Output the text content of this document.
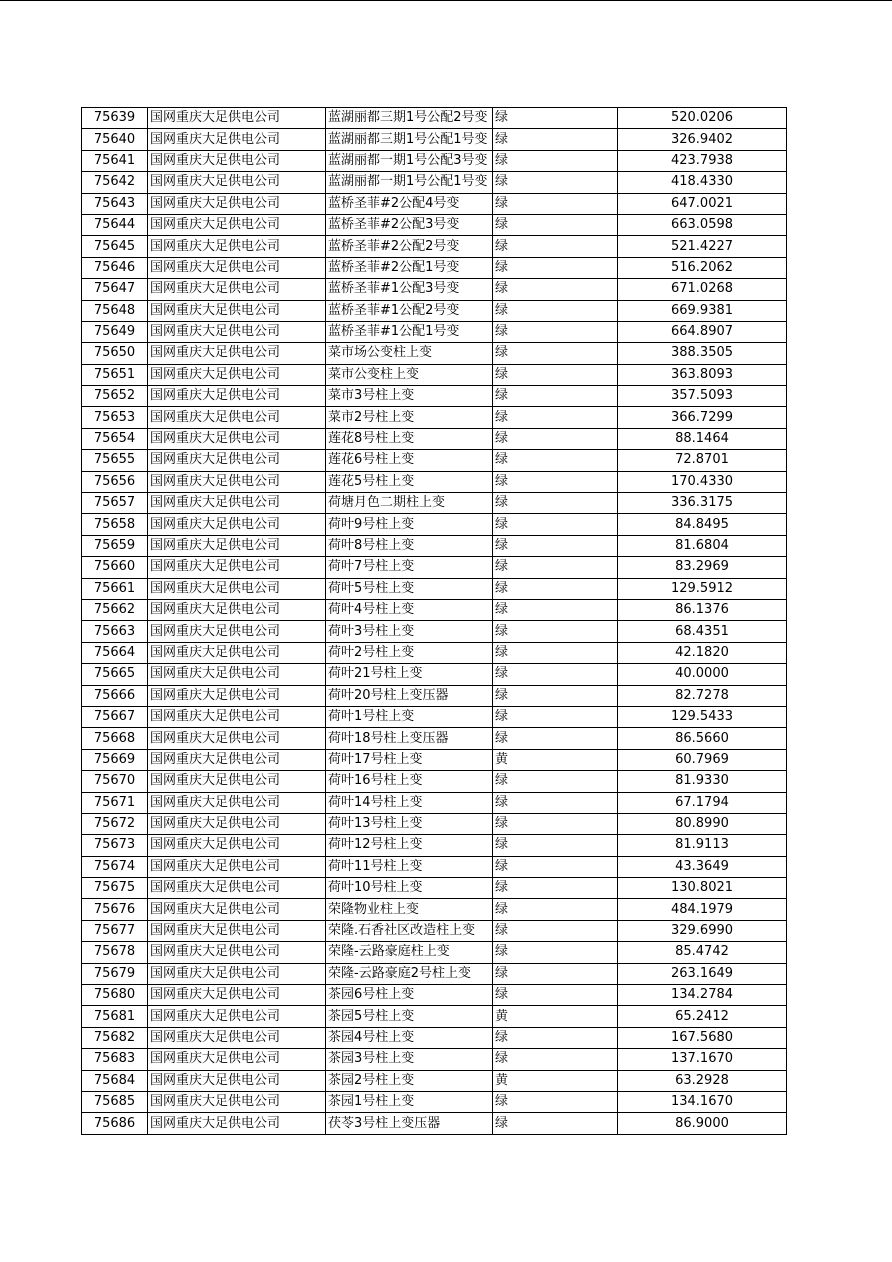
75639	国网重庆大足供电公司	蓝湖丽都三期1号公配2号变	绿	520.0206
75640	国网重庆大足供电公司	蓝湖丽都三期1号公配1号变	绿	326.9402
75641	国网重庆大足供电公司	蓝湖丽都一期1号公配3号变	绿	423.7938
75642	国网重庆大足供电公司	蓝湖丽都一期1号公配1号变	绿	418.4330
75643	国网重庆大足供电公司	蓝桥圣菲#2公配4号变	绿	647.0021
75644	国网重庆大足供电公司	蓝桥圣菲#2公配3号变	绿	663.0598
75645	国网重庆大足供电公司	蓝桥圣菲#2公配2号变	绿	521.4227
75646	国网重庆大足供电公司	蓝桥圣菲#2公配1号变	绿	516.2062
75647	国网重庆大足供电公司	蓝桥圣菲#1公配3号变	绿	671.0268
75648	国网重庆大足供电公司	蓝桥圣菲#1公配2号变	绿	669.9381
75649	国网重庆大足供电公司	蓝桥圣菲#1公配1号变	绿	664.8907
75650	国网重庆大足供电公司	菜市场公变柱上变	绿	388.3505
75651	国网重庆大足供电公司	菜市公变柱上变	绿	363.8093
75652	国网重庆大足供电公司	菜市3号柱上变	绿	357.5093
75653	国网重庆大足供电公司	菜市2号柱上变	绿	366.7299
75654	国网重庆大足供电公司	莲花8号柱上变	绿	88.1464
75655	国网重庆大足供电公司	莲花6号柱上变	绿	72.8701
75656	国网重庆大足供电公司	莲花5号柱上变	绿	170.4330
75657	国网重庆大足供电公司	荷塘月色二期柱上变	绿	336.3175
75658	国网重庆大足供电公司	荷叶9号柱上变	绿	84.8495
75659	国网重庆大足供电公司	荷叶8号柱上变	绿	81.6804
75660	国网重庆大足供电公司	荷叶7号柱上变	绿	83.2969
75661	国网重庆大足供电公司	荷叶5号柱上变	绿	129.5912
75662	国网重庆大足供电公司	荷叶4号柱上变	绿	86.1376
75663	国网重庆大足供电公司	荷叶3号柱上变	绿	68.4351
75664	国网重庆大足供电公司	荷叶2号柱上变	绿	42.1820
75665	国网重庆大足供电公司	荷叶21号柱上变	绿	40.0000
75666	国网重庆大足供电公司	荷叶20号柱上变压器	绿	82.7278
75667	国网重庆大足供电公司	荷叶1号柱上变	绿	129.5433
75668	国网重庆大足供电公司	荷叶18号柱上变压器	绿	86.5660
75669	国网重庆大足供电公司	荷叶17号柱上变	黄	60.7969
75670	国网重庆大足供电公司	荷叶16号柱上变	绿	81.9330
75671	国网重庆大足供电公司	荷叶14号柱上变	绿	67.1794
75672	国网重庆大足供电公司	荷叶13号柱上变	绿	80.8990
75673	国网重庆大足供电公司	荷叶12号柱上变	绿	81.9113
75674	国网重庆大足供电公司	荷叶11号柱上变	绿	43.3649
75675	国网重庆大足供电公司	荷叶10号柱上变	绿	130.8021
75676	国网重庆大足供电公司	荣隆物业柱上变	绿	484.1979
75677	国网重庆大足供电公司	荣隆.石香社区改造柱上变	绿	329.6990
75678	国网重庆大足供电公司	荣隆-云路豪庭柱上变	绿	85.4742
75679	国网重庆大足供电公司	荣隆-云路豪庭2号柱上变	绿	263.1649
75680	国网重庆大足供电公司	茶园6号柱上变	绿	134.2784
75681	国网重庆大足供电公司	茶园5号柱上变	黄	65.2412
75682	国网重庆大足供电公司	茶园4号柱上变	绿	167.5680
75683	国网重庆大足供电公司	茶园3号柱上变	绿	137.1670
75684	国网重庆大足供电公司	茶园2号柱上变	黄	63.2928
75685	国网重庆大足供电公司	茶园1号柱上变	绿	134.1670
75686	国网重庆大足供电公司	茯苓3号柱上变压器	绿	86.9000
